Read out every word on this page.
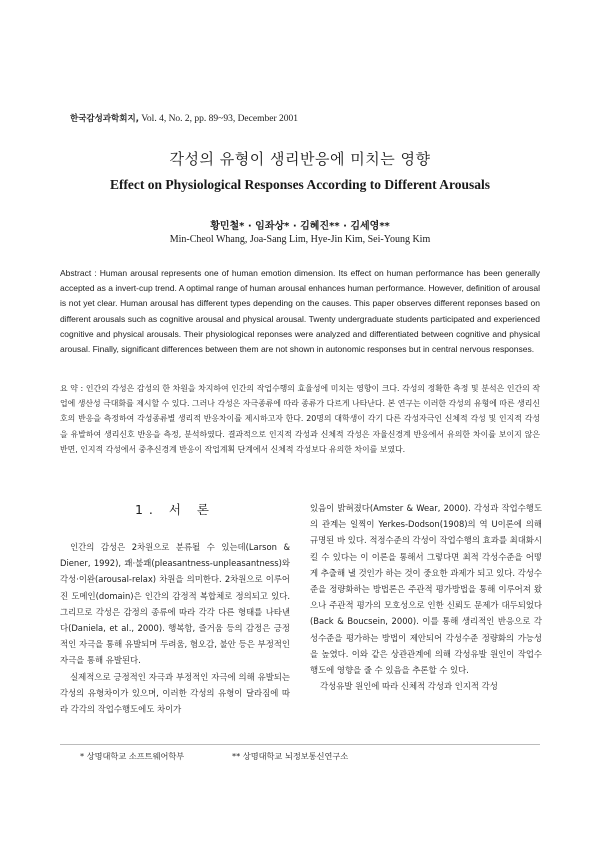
한국감성과학회지, Vol. 4, No. 2, pp. 89~93, December 2001
각성의 유형이 생리반응에 미치는 영향
Effect on Physiological Responses According to Different Arousals
황민철* · 임좌상* · 김혜진** · 김세영**
Min-Cheol Whang, Joa-Sang Lim, Hye-Jin Kim, Sei-Young Kim
Abstract : Human arousal represents one of human emotion dimension. Its effect on human performance has been generally accepted as a invert-cup trend. A optimal range of human arousal enhances human performance. However, definition of arousal is not yet clear. Human arousal has different types depending on the causes. This paper observes different reponses based on different arousals such as cognitive arousal and physical arousal. Twenty undergraduate students participated and experienced cognitive and physical arousals. Their physiological reponses were analyzed and differentiated between cognitive and physical arousal. Finally, significant differences between them are not shown in autonomic responses but in central nervous responses.
요 약 : 인간의 각성은 감성의 한 차원을 차지하여 인간의 작업수행의 효율성에 미치는 영향이 크다. 각성의 정확한 측정 및 분석은 인간의 작업에 생산성 극대화를 제시할 수 있다. 그러나 각성은 자극종류에 따라 종류가 다르게 나타난다. 본 연구는 이러한 각성의 유형에 따른 생리신호의 반응을 측정하여 각성종류별 생리적 반응차이를 제시하고자 한다. 20명의 대학생이 각기 다른 각성자극인 신체적 각성 및 인지적 각성을 유발하여 생리신호 반응을 측정, 분석하였다. 결과적으로 인지적 각성과 신체적 각성은 자율신경계 반응에서 유의한 차이를 보이지 않은 반면, 인지적 각성에서 중추신경계 반응이 작업계획 단계에서 신체적 각성보다 유의한 차이를 보였다.
1. 서 론

인간의 감성은 2차원으로 분류될 수 있는데(Larson & Diener, 1992), 쾌·불쾌(pleasantness-unpleasantness)와 각성·이완(arousal-relax) 차원을 의미한다. 2차원으로 이루어진 도메인(domain)은 인간의 감정적 복합체로 정의되고 있다. 그리므로 각성은 감정의 종류에 따라 각각 다른 형태를 나타낸다(Daniela, et al., 2000). 행복함, 즐거움 등의 감정은 긍정적인 자극을 통해 유발되며 두려움, 혐오감, 불안 등은 부정적인 자극을 통해 유발된다.

실제적으로 긍정적인 자극과 부정적인 자극에 의해 유발되는 각성의 유형차이가 있으며, 이러한 각성의 유형이 달라짐에 따라 각각의 작업수행도에도 차이가

있음이 밝혀졌다(Amster & Wear, 2000). 각성과 작업수행도의 관계는 일찍이 Yerkes-Dodson(1908)의 역 U이론에 의해 규명된 바 있다. 적정수준의 각성이 작업수행의 효과를 최대화시킬 수 있다는 이 이론을 통해서 그렇다면 최적 각성수준을 어떻게 추출해 낼 것인가 하는 것이 중요한 과제가 되고 있다. 각성수준을 정량화하는 방법론은 주관적 평가방법을 통해 이루어져 왔으나 주관적 평가의 모호성으로 인한 신뢰도 문제가 대두되었다(Back & Boucsein, 2000). 이를 통해 생리적인 반응으로 각성수준을 평가하는 방법이 제안되어 각성수준 정량화의 가능성을 높였다. 이와 같은 상관관계에 의해 각성유발 원인이 작업수행도에 영향을 줄 수 있음을 추론할 수 있다.

각성유발 원인에 따라 신체적 각성과 인지적 각성

* 상명대학교 소프트웨어학부	** 상명대학교 뇌정보통신연구소
